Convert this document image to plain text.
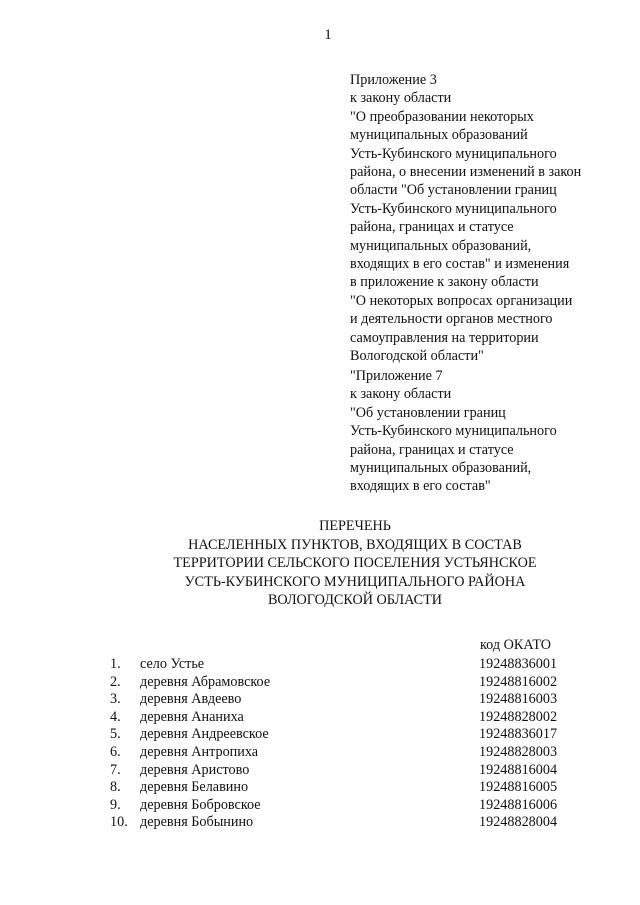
1
Приложение 3
к закону области
"О преобразовании некоторых
муниципальных образований
Усть-Кубинского муниципального
района, о внесении изменений в закон
области "Об установлении границ
Усть-Кубинского муниципального
района, границах и статусе
муниципальных образований,
входящих в его состав" и изменения
в приложение к закону области
"О некоторых вопросах организации
и деятельности органов местного
самоуправления на территории
Вологодской области"
"Приложение 7
к закону области
"Об установлении границ
Усть-Кубинского муниципального
района, границах и статусе
муниципальных образований,
входящих в его состав"
ПЕРЕЧЕНЬ
НАСЕЛЕННЫХ ПУНКТОВ, ВХОДЯЩИХ В СОСТАВ
ТЕРРИТОРИИ СЕЛЬСКОГО ПОСЕЛЕНИЯ УСТЬЯНСКОЕ
УСТЬ-КУБИНСКОГО МУНИЦИПАЛЬНОГО РАЙОНА
ВОЛОГОДСКОЙ ОБЛАСТИ
код ОКАТО
1.	село Устье	19248836001
2.	деревня Абрамовское	19248816002
3.	деревня Авдеево	19248816003
4.	деревня Ананиха	19248828002
5.	деревня Андреевское	19248836017
6.	деревня Антропиха	19248828003
7.	деревня Аристово	19248816004
8.	деревня Белавино	19248816005
9.	деревня Бобровское	19248816006
10. деревня Бобынино	19248828004
